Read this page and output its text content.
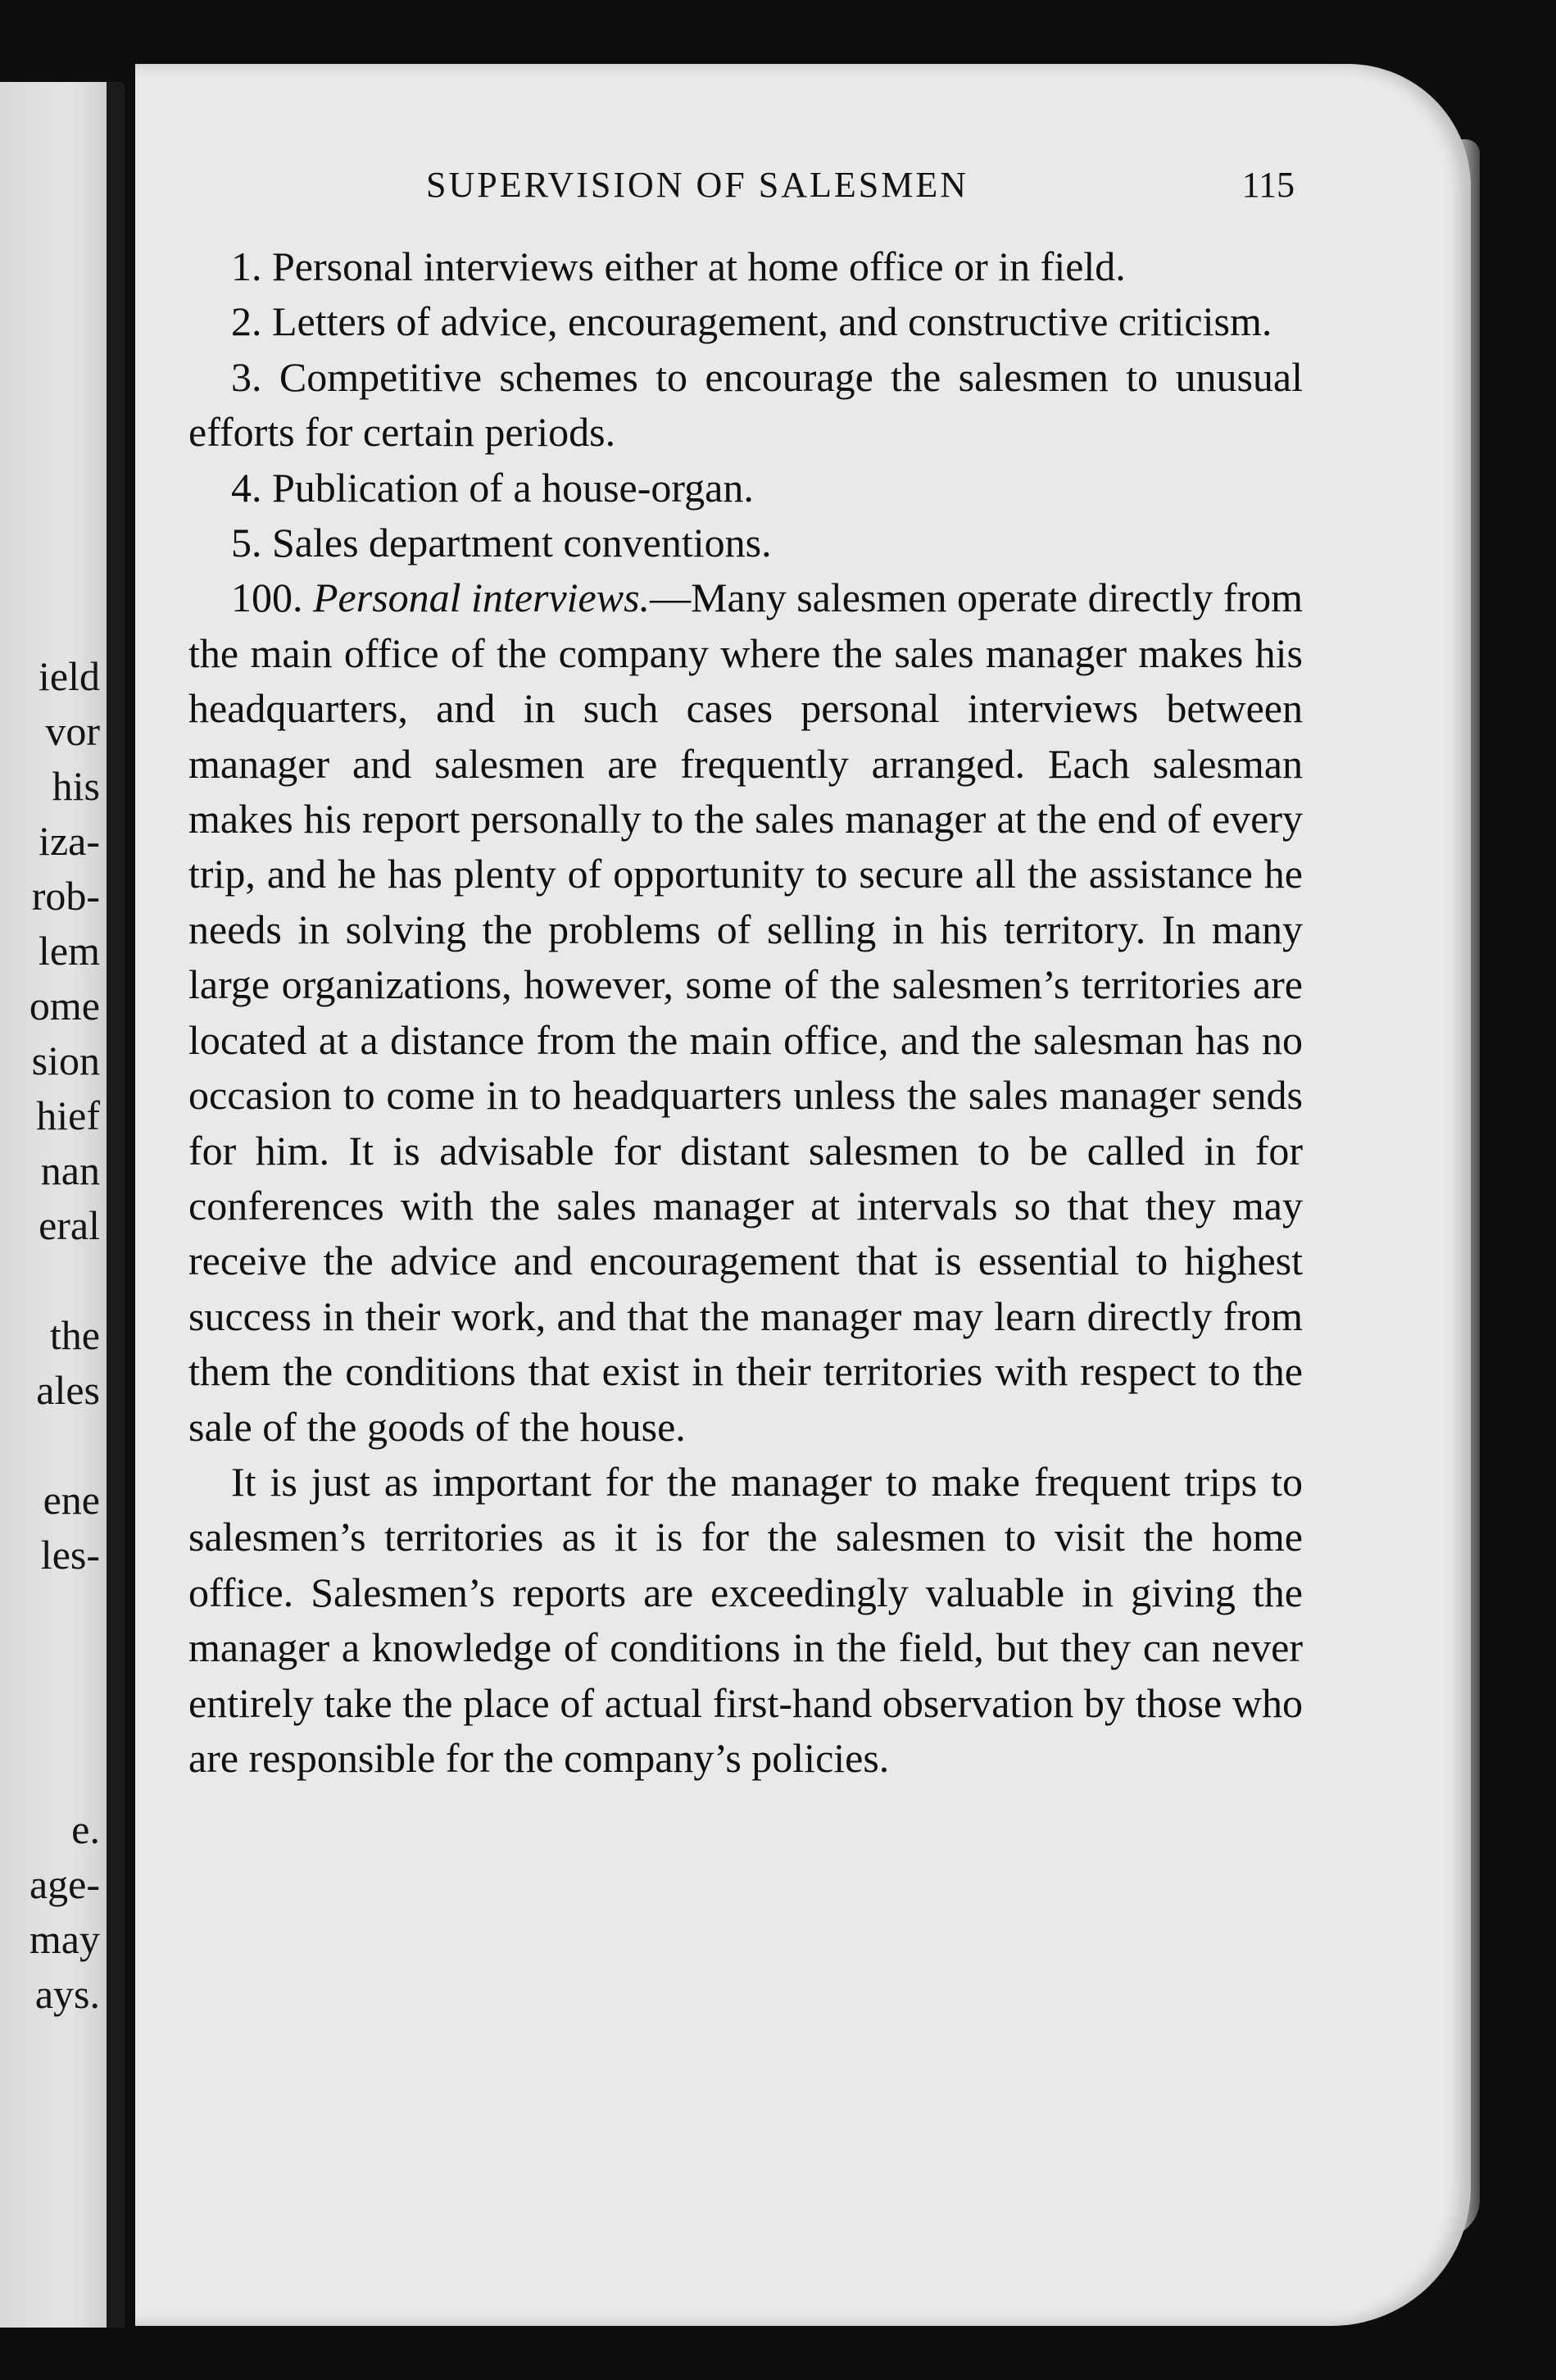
ield
vor
his
iza-
rob-
lem
ome
sion
hief
nan
eral
the
ales
ene
les-
e.
age-
may
ays.
SUPERVISION OF SALESMEN	115

1. Personal interviews either at home office or in field.

2. Letters of advice, encouragement, and constructive criticism.

3. Competitive schemes to encourage the salesmen to unusual efforts for certain periods.

4. Publication of a house-organ.

5. Sales department conventions.

100. Personal interviews.—Many salesmen operate directly from the main office of the company where the sales manager makes his headquarters, and in such cases personal interviews between manager and salesmen are frequently arranged. Each salesman makes his report personally to the sales manager at the end of every trip, and he has plenty of opportunity to secure all the assistance he needs in solving the problems of selling in his territory. In many large organizations, however, some of the salesmen’s territories are located at a distance from the main office, and the salesman has no occasion to come in to headquarters unless the sales manager sends for him. It is advisable for distant salesmen to be called in for conferences with the sales manager at intervals so that they may receive the advice and encouragement that is essential to highest success in their work, and that the manager may learn directly from them the conditions that exist in their territories with respect to the sale of the goods of the house.

It is just as important for the manager to make frequent trips to salesmen’s territories as it is for the salesmen to visit the home office. Salesmen’s reports are exceedingly valuable in giving the manager a knowledge of conditions in the field, but they can never entirely take the place of actual first-hand observation by those who are responsible for the company’s policies.
